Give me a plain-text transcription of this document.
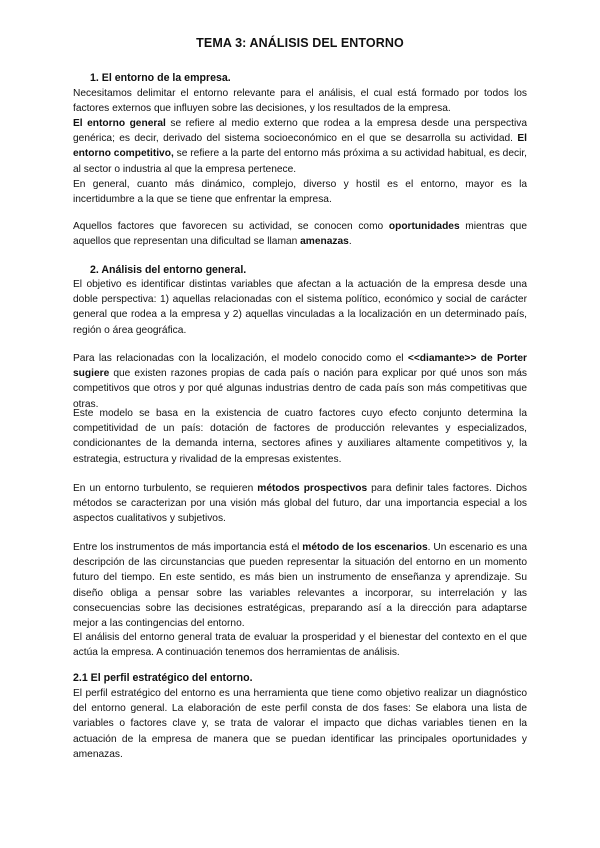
TEMA 3: ANÁLISIS DEL ENTORNO
1. El entorno de la empresa.
Necesitamos delimitar el entorno relevante para el análisis, el cual está formado por todos los factores externos que influyen sobre las decisiones, y los resultados de la empresa.
El entorno general se refiere al medio externo que rodea a la empresa desde una perspectiva genérica; es decir, derivado del sistema socioeconómico en el que se desarrolla su actividad. El entorno competitivo, se refiere a la parte del entorno más próxima a su actividad habitual, es decir, al sector o industria al que la empresa pertenece.
En general, cuanto más dinámico, complejo, diverso y hostil es el entorno, mayor es la incertidumbre a la que se tiene que enfrentar la empresa.
Aquellos factores que favorecen su actividad, se conocen como oportunidades mientras que aquellos que representan una dificultad se llaman amenazas.
2. Análisis del entorno general.
El objetivo es identificar distintas variables que afectan a la actuación de la empresa desde una doble perspectiva: 1) aquellas relacionadas con el sistema político, económico y social de carácter general que rodea a la empresa y 2) aquellas vinculadas a la localización en un determinado país, región o área geográfica.
Para las relacionadas con la localización, el modelo conocido como el <<diamante>> de Porter sugiere que existen razones propias de cada país o nación para explicar por qué unos son más competitivos que otros y por qué algunas industrias dentro de cada país son más competitivas que otras.
Este modelo se basa en la existencia de cuatro factores cuyo efecto conjunto determina la competitividad de un país: dotación de factores de producción relevantes y especializados, condicionantes de la demanda interna, sectores afines y auxiliares altamente competitivos y, la estrategia, estructura y rivalidad de la empresas existentes.
En un entorno turbulento, se requieren métodos prospectivos para definir tales factores. Dichos métodos se caracterizan por una visión más global del futuro, dar una importancia especial a los aspectos cualitativos y subjetivos.
Entre los instrumentos de más importancia está el método de los escenarios. Un escenario es una descripción de las circunstancias que pueden representar la situación del entorno en un momento futuro del tiempo. En este sentido, es más bien un instrumento de enseñanza y aprendizaje. Su diseño obliga a pensar sobre las variables relevantes a incorporar, su interrelación y las consecuencias sobre las decisiones estratégicas, preparando así a la dirección para adaptarse mejor a las contingencias del entorno.
El análisis del entorno general trata de evaluar la prosperidad y el bienestar del contexto en el que actúa la empresa. A continuación tenemos dos herramientas de análisis.
2.1 El perfil estratégico del entorno.
El perfil estratégico del entorno es una herramienta que tiene como objetivo realizar un diagnóstico del entorno general. La elaboración de este perfil consta de dos fases: Se elabora una lista de variables o factores clave y, se trata de valorar el impacto que dichas variables tienen en la actuación de la empresa de manera que se puedan identificar las principales oportunidades y amenazas.
